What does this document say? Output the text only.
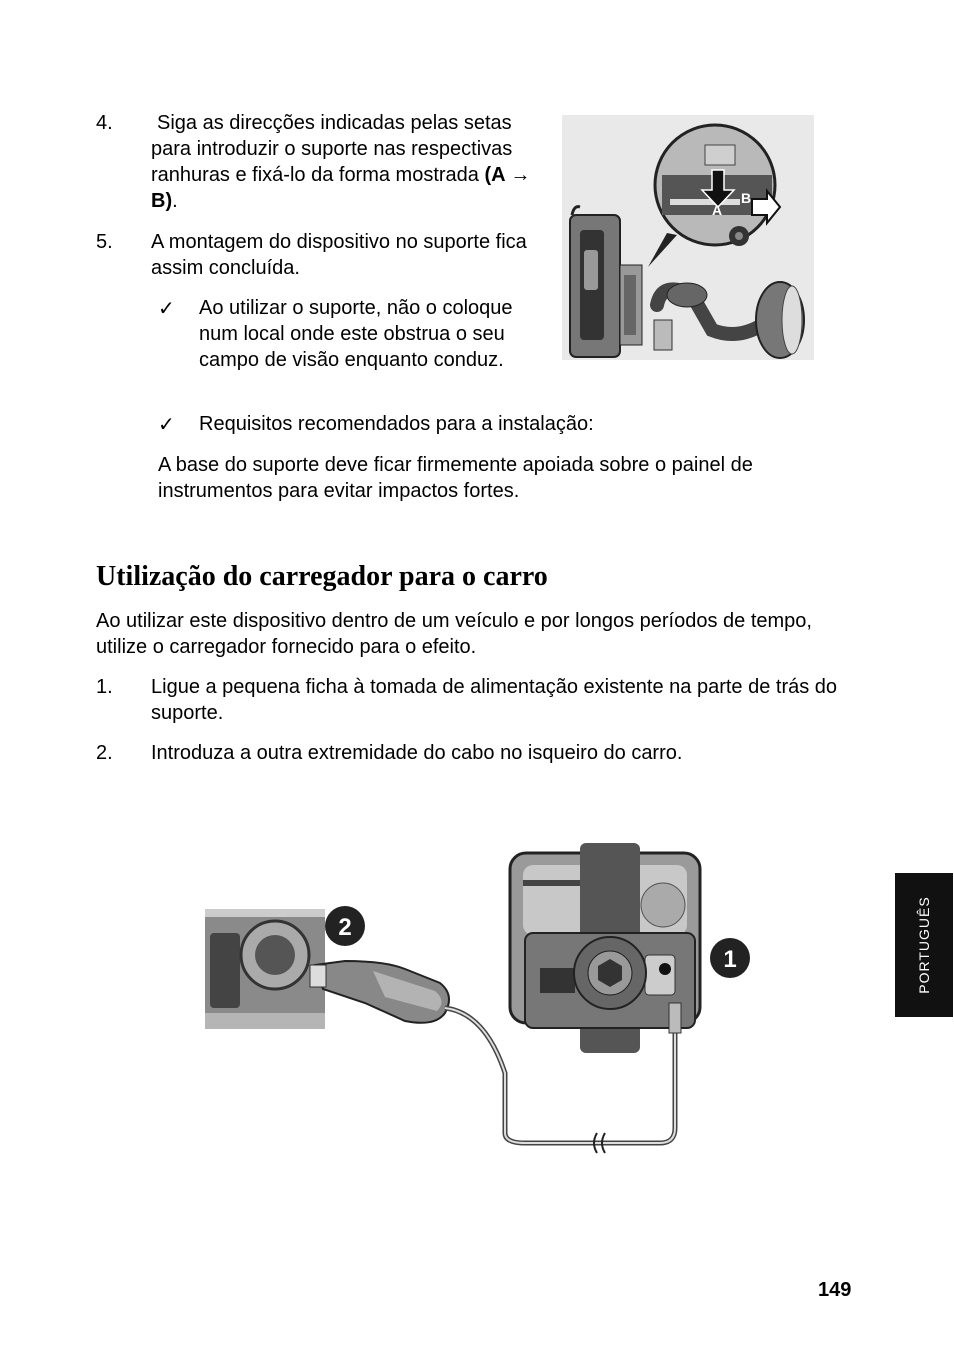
4.	Siga as direcções indicadas pelas setas para introduzir o suporte nas respectivas ranhuras e fixá-lo da forma mostrada (A → B).

5. A montagem do dispositivo no suporte fica assim concluída.

✓ Ao utilizar o suporte, não o coloque num local onde este obstrua o seu campo de visão enquanto conduz.

✓ Requisitos recomendados para a instalação:

A base do suporte deve ficar firmemente apoiada sobre o painel de instrumentos para evitar impactos fortes.

A
B
Utilização do carregador para o carro

Ao utilizar este dispositivo dentro de um veículo e por longos períodos de tempo, utilize o carregador fornecido para o efeito.

1. Ligue a pequena ficha à tomada de alimentação existente na parte de trás do suporte.

2. Introduza a outra extremidade do cabo no isqueiro do carro.

2
1	PORTUGUÊS
149
